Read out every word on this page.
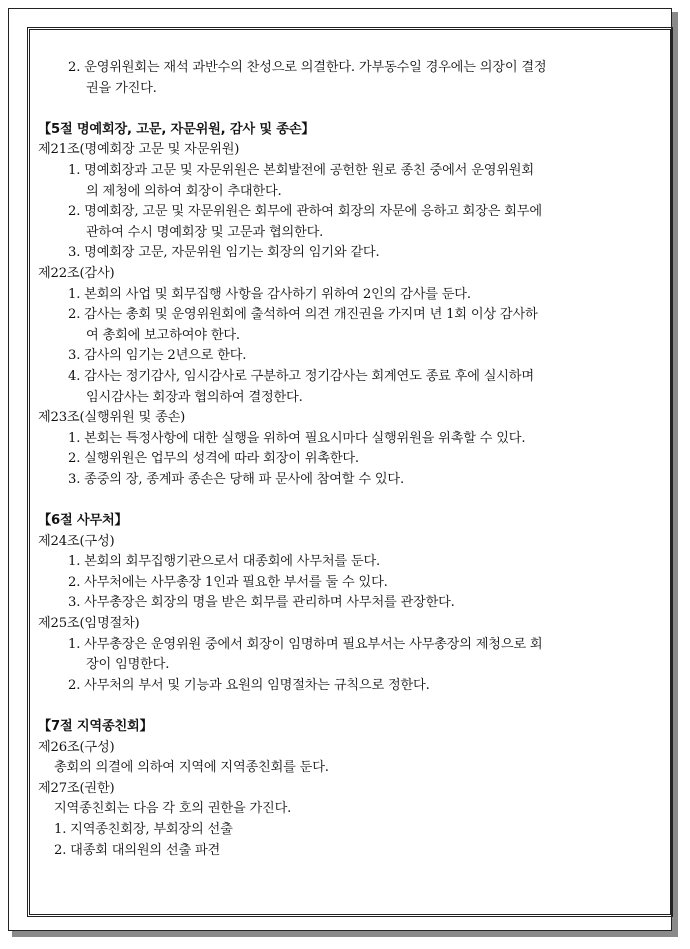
2. 운영위원회는 재석 과반수의 찬성으로 의결한다. 가부동수일 경우에는 의장이 결정
권을 가진다.
【5절 명예회장, 고문, 자문위원, 감사 및 종손】
제21조(명예회장 고문 및 자문위원)
1. 명예회장과 고문 및 자문위원은 본회발전에 공헌한 원로 종친 중에서 운영위원회
의 제청에 의하여 회장이 추대한다.
2. 명예회장, 고문 및 자문위원은 회무에 관하여 회장의 자문에 응하고 회장은 회무에
관하여 수시 명예회장 및 고문과 협의한다.
3. 명예회장 고문, 자문위원 임기는 회장의 임기와 같다.
제22조(감사)
1. 본회의 사업 및 회무집행 사항을 감사하기 위하여 2인의 감사를 둔다.
2. 감사는 총회 및 운영위원회에 출석하여 의견 개진권을 가지며 년 1회 이상 감사하
여 총회에 보고하여야 한다.
3. 감사의 임기는 2년으로 한다.
4. 감사는 정기감사, 임시감사로 구분하고 정기감사는 회계연도 종료 후에 실시하며
임시감사는 회장과 협의하여 결정한다.
제23조(실행위원 및 종손)
1. 본회는 특정사항에 대한 실행을 위하여 필요시마다 실행위원을 위촉할 수 있다.
2. 실행위원은 업무의 성격에 따라 회장이 위촉한다.
3. 종중의 장, 종계파 종손은 당해 파 문사에 참여할 수 있다.
【6절 사무처】
제24조(구성)
1. 본회의 회무집행기관으로서 대종회에 사무처를 둔다.
2. 사무처에는 사무총장 1인과 필요한 부서를 둘 수 있다.
3. 사무총장은 회장의 명을 받은 회무를 관리하며 사무처를 관장한다.
제25조(임명절차)
1. 사무총장은 운영위원 중에서 회장이 임명하며 필요부서는 사무총장의 제청으로 회
장이 임명한다.
2. 사무처의 부서 및 기능과 요원의 임명절차는 규칙으로 정한다.
【7절 지역종친회】
제26조(구성)
총회의 의결에 의하여 지역에 지역종친회를 둔다.
제27조(권한)
지역종친회는 다음 각 호의 권한을 가진다.
1. 지역종친회장, 부회장의 선출
2. 대종회 대의원의 선출 파견
